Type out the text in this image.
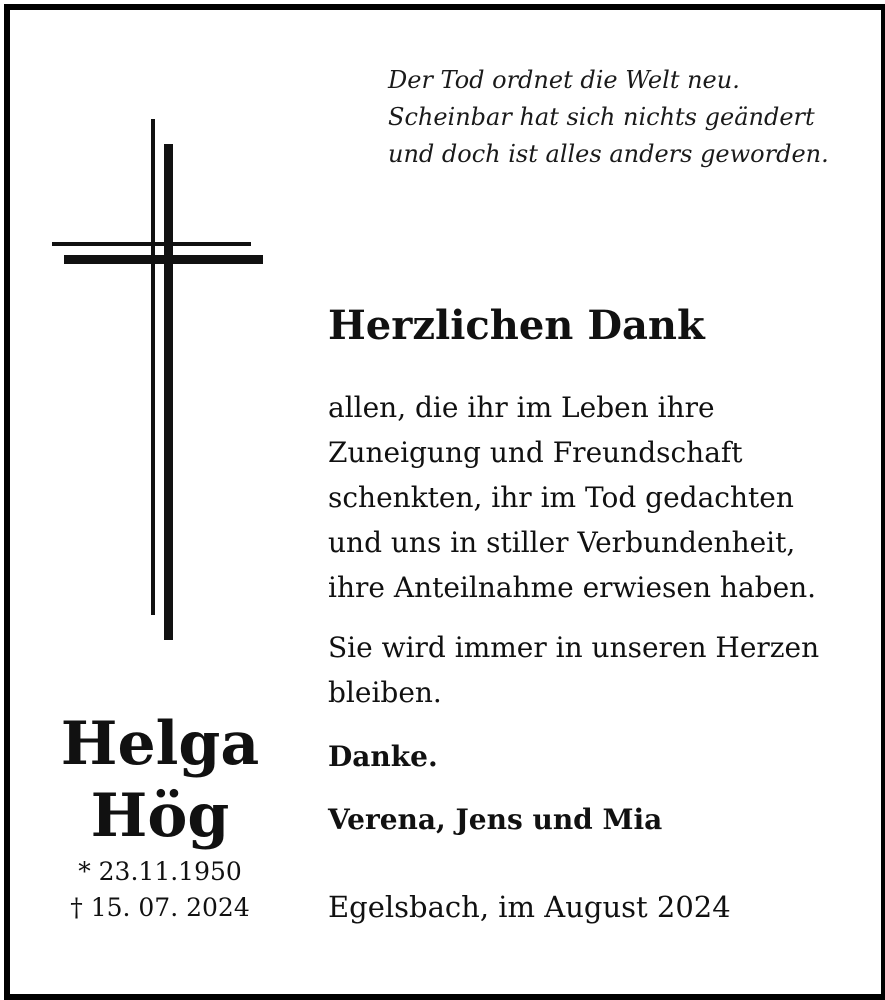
Der Tod ordnet die Welt neu.
Scheinbar hat sich nichts geändert
und doch ist alles anders geworden.
Helga
Hög
* 23.11.1950
† 15. 07. 2024
Herzlichen Dank
allen, die ihr im Leben ihre
Zuneigung und Freundschaft
schenkten, ihr im Tod gedachten
und uns in stiller Verbundenheit,
ihre Anteilnahme erwiesen haben.
Sie wird immer in unseren Herzen
bleiben.
Danke.
Verena, Jens und Mia
Egelsbach, im August 2024
